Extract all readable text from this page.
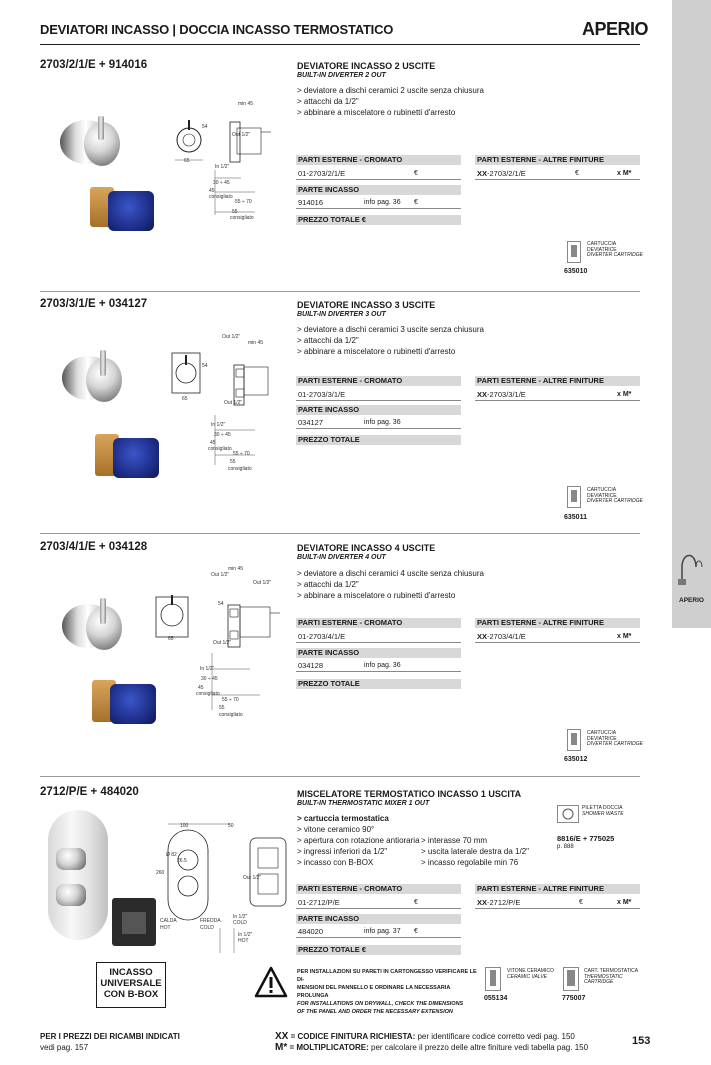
DEVIATORI INCASSO | DOCCIA INCASSO TERMOSTATICO	APERIO
APERIO
2703/2/1/E + 914016	DEVIATORE INCASSO 2 USCITE
BUILT-IN DIVERTER 2 OUT
> deviatore a dischi ceramici 2 uscite senza chiusura
> attacchi da 1/2"
> abbinare a miscelatore o rubinetti d'arresto
min 45
54
Out 1/2"
65
In 1/2"
30 ÷ 45
45
consigliato
55 ÷ 70
55
consigliato
PARTI ESTERNE - CROMATO
01-2703/2/1/E	€
PARTE INCASSO
914016	info pag. 36 €
PREZZO TOTALE €
PARTI ESTERNE - ALTRE FINITURE
XX-2703/2/1/E	€	x M*
CARTUCCIA
DEVIATRICE
DIVERTER CARTRIDGE
635010
2703/3/1/E + 034127	DEVIATORE INCASSO 3 USCITE
BUILT-IN DIVERTER 3 OUT
> deviatore a dischi ceramici 3 uscite senza chiusura
> attacchi da 1/2"
> abbinare a miscelatore o rubinetti d'arresto
Out 1/2"
min 45
54
65
Out 1/2"
In 1/2"
30 ÷ 45
45
consigliato
55 ÷ 70
55
consigliato
PARTI ESTERNE - CROMATO
01-2703/3/1/E
PARTE INCASSO
034127	info pag. 36
PREZZO TOTALE
PARTI ESTERNE - ALTRE FINITURE
XX-2703/3/1/E	x M*
CARTUCCIA
DEVIATRICE
DIVERTER CARTRIDGE
635011
2703/4/1/E + 034128	DEVIATORE INCASSO 4 USCITE
BUILT-IN DIVERTER 4 OUT
> deviatore a dischi ceramici 4 uscite senza chiusura
> attacchi da 1/2"
> abbinare a miscelatore o rubinetti d'arresto
Out 1/2"
min 45
Out 1/2"
54
65
Out 1/2"
In 1/2"
30 ÷ 45
45
consigliato
55 ÷ 70
55
consigliato
PARTI ESTERNE - CROMATO
01-2703/4/1/E
PARTE INCASSO
034128	info pag. 36
PREZZO TOTALE
PARTI ESTERNE - ALTRE FINITURE
XX-2703/4/1/E	x M*
CARTUCCIA
DEVIATRICE
DIVERTER CARTRIDGE
635012
2712/P/E + 484020	MISCELATORE TERMOSTATICO INCASSO 1 USCITA
BUILT-IN THERMOSTATIC MIXER 1 OUT
> cartuccia termostatica
> vitone ceramico 90°
> apertura con rotazione antioraria
> ingressi inferiori da 1/2"
> incasso con B-BOX
> interasse 70 mm
> uscita laterale destra da 1/2"
> incasso regolabile min 76
100	50
260
Ø 82
26.5
Out 1/2"
CALDA
HOT
FREDDA
COLD
In 1/2"
COLD
In 1/2"
HOT
PARTI ESTERNE - CROMATO
01-2712/P/E	€
PARTE INCASSO
484020	info pag. 37 €
PREZZO TOTALE €
PARTI ESTERNE - ALTRE FINITURE
XX-2712/P/E	€	x M*
PILETTA DOCCIA
SHOWER WASTE
8816/E + 775025
p. 888
INCASSO
UNIVERSALE
CON B-BOX
PER INSTALLAZIONI SU PARETI IN CARTONGESSO VERIFICARE LE DI-
MENSIONI DEL PANNELLO E ORDINARE LA NECESSARIA PROLUNGA
FOR INSTALLATIONS ON DRYWALL, CHECK THE DIMENSIONS
OF THE PANEL AND ORDER THE NECESSARY EXTENSION
VITONE CERAMICO
CERAMIC VALVE
055134
CART. TERMOSTATICA
THERMOSTATIC
CARTRIDGE
775007
PER I PREZZI DEI RICAMBI INDICATI
vedi pag. 157
XX = CODICE FINITURA RICHIESTA: per identificare codice corretto vedi pag. 150
M* = MOLTIPLICATORE: per calcolare il prezzo delle altre finiture vedi tabella pag. 150
153
